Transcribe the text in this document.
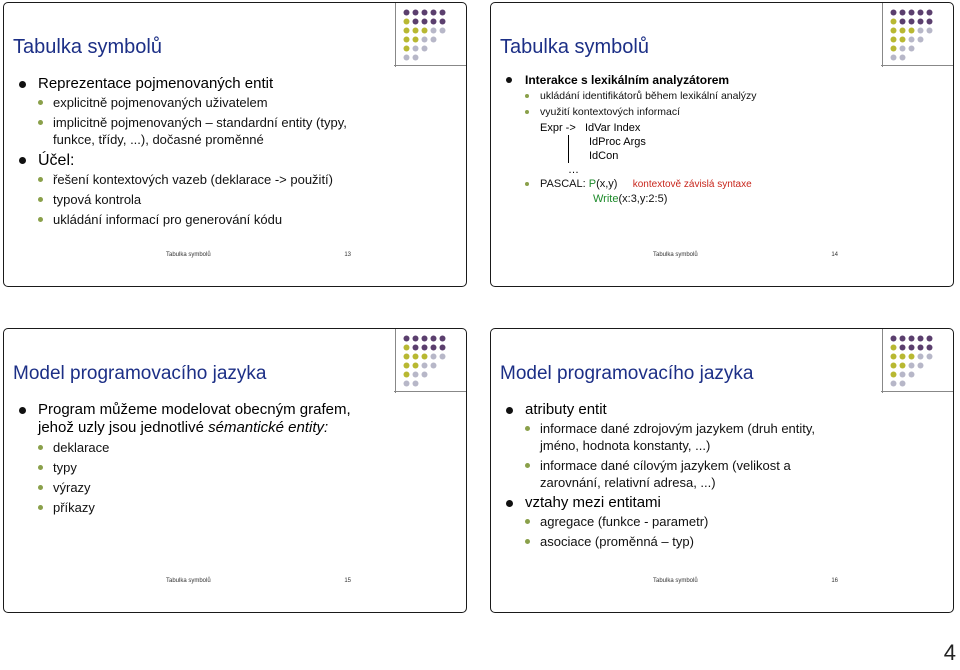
Tabulka symbolů
Reprezentace pojmenovaných entit
explicitně pojmenovaných uživatelem
implicitně pojmenovaných – standardní entity (typy, funkce, třídy, ...), dočasné proměnné
Účel:
řešení kontextových vazeb (deklarace -> použití)
typová kontrola
ukládání informací pro generování kódu
Tabulka symbolů	13
Tabulka symbolů
Interakce s lexikálním analyzátorem
ukládání identifikátorů během lexikální analýzy
využití kontextových informací
Expr -> IdVar Index
IdProc Args
IdCon
…
PASCAL: P(x,y) kontextově závislá syntaxe
Write(x:3,y:2:5)
Tabulka symbolů	14
Model programovacího jazyka
Program můžeme modelovat obecným grafem, jehož uzly jsou jednotlivé sémantické entity:
deklarace
typy
výrazy
příkazy
Tabulka symbolů	15
Model programovacího jazyka
atributy entit
informace dané zdrojovým jazykem (druh entity, jméno, hodnota konstanty, ...)
informace dané cílovým jazykem (velikost a zarovnání, relativní adresa, ...)
vztahy mezi entitami
agregace (funkce - parametr)
asociace (proměnná – typ)
Tabulka symbolů	16
4
